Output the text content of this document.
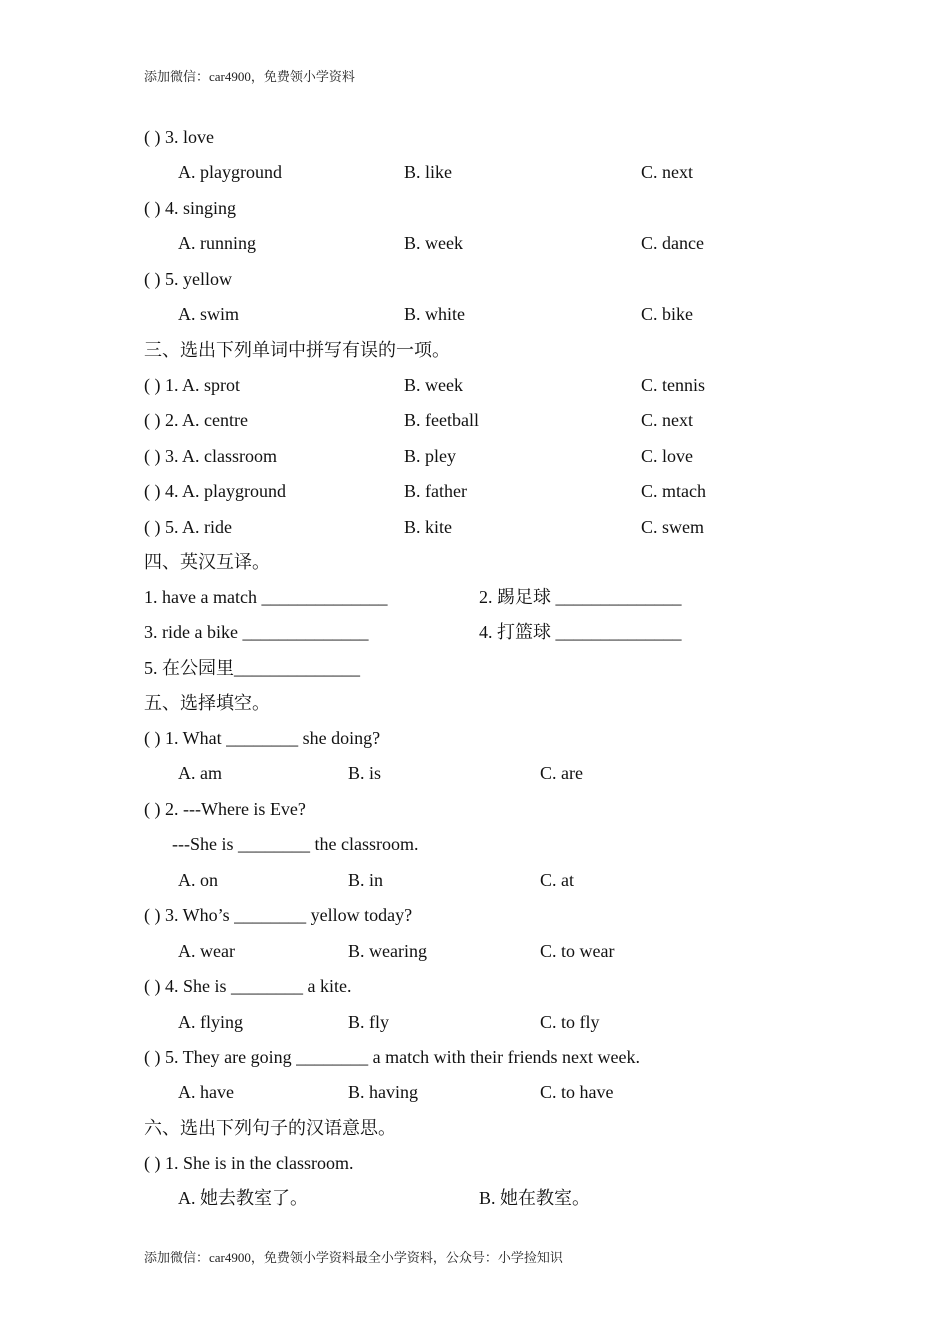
添加微信：car4900，免费领小学资料
( ) 3. love
A. playground	B. like	C. next
( ) 4. singing
A. running	B. week	C. dance
( ) 5. yellow
A. swim	B. white	C. bike
三、选出下列单词中拼写有误的一项。
( ) 1. A. sprot	B. week	C. tennis
( ) 2. A. centre	B. feetball	C. next
( ) 3. A. classroom	B. pley	C. love
( ) 4. A. playground	B. father	C. mtach
( ) 5. A. ride	B. kite	C. swem
四、英汉互译。
1. have a match ______________	2. 踢足球 ______________
3. ride a bike ______________	4. 打篮球 ______________
5. 在公园里______________
五、选择填空。
( ) 1. What ________ she doing?
A. am	B. is	C. are
( ) 2. ---Where is Eve?
---She is ________ the classroom.
A. on	B. in	C. at
( ) 3. Who’s ________ yellow today?
A. wear	B. wearing	C. to wear
( ) 4. She is ________ a kite.
A. flying	B. fly	C. to fly
( ) 5. They are going ________ a match with their friends next week.
A. have	B. having	C. to have
六、选出下列句子的汉语意思。
( ) 1. She is in the classroom.
A. 她去教室了。	B. 她在教室。
添加微信：car4900，免费领小学资料最全小学资料，公众号：小学捡知识
